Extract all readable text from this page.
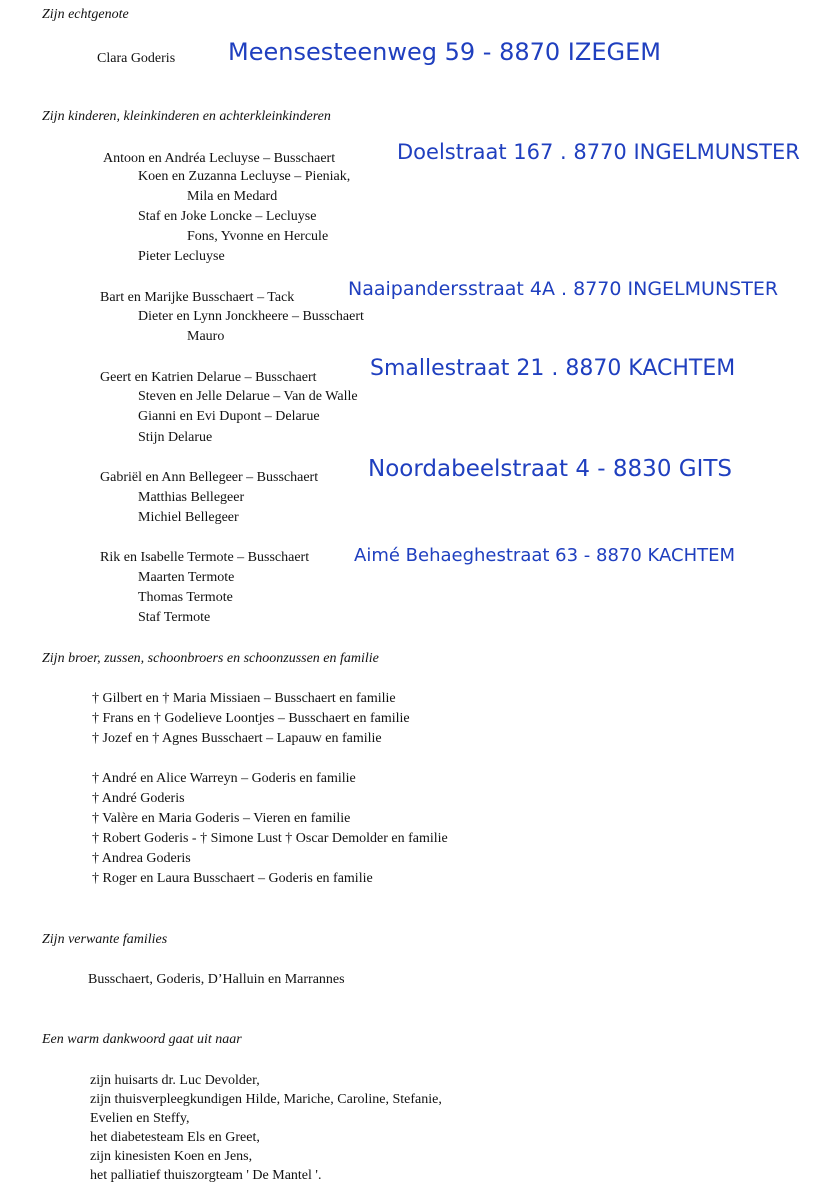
Zijn echtgenote
Clara Goderis Meensesteenweg 59 - 8870 IZEGEM
Zijn kinderen, kleinkinderen en achterkleinkinderen
Antoon en Andréa Lecluyse – Busschaert	Doelstraat 167 . 8770 INGELMUNSTER
Koen en Zuzanna Lecluyse – Pieniak,
Mila en Medard
Staf en Joke Loncke – Lecluyse
Fons, Yvonne en Hercule
Pieter Lecluyse
Bart en Marijke Busschaert – Tack	Naaipandersstraat 4A . 8770 INGELMUNSTER
Dieter en Lynn Jonckheere – Busschaert
Mauro
Geert en Katrien Delarue – Busschaert Smallestraat 21 . 8870 KACHTEM
Steven en Jelle Delarue – Van de Walle
Gianni en Evi Dupont – Delarue
Stijn Delarue
Gabriël en Ann Bellegeer – Busschaert Noordabeelstraat 4 - 8830 GITS
Matthias Bellegeer
Michiel Bellegeer
Rik en Isabelle Termote – Busschaert Aimé Behaeghestraat 63 - 8870 KACHTEM
Maarten Termote
Thomas Termote
Staf Termote
Zijn broer, zussen, schoonbroers en schoonzussen en familie
† Gilbert en † Maria Missiaen – Busschaert en familie
† Frans en † Godelieve Loontjes – Busschaert en familie
† Jozef en † Agnes Busschaert – Lapauw en familie
† André en Alice Warreyn – Goderis en familie
† André Goderis
† Valère en Maria Goderis – Vieren en familie
† Robert Goderis - † Simone Lust † Oscar Demolder en familie
† Andrea Goderis
† Roger en Laura Busschaert – Goderis en familie
Zijn verwante families
Busschaert, Goderis, D’Halluin en Marrannes
Een warm dankwoord gaat uit naar
zijn huisarts dr. Luc Devolder,
zijn thuisverpleegkundigen Hilde, Mariche, Caroline, Stefanie,
Evelien en Steffy,
het diabetesteam Els en Greet,
zijn kinesisten Koen en Jens,
het palliatief thuiszorgteam ' De Mantel '.
